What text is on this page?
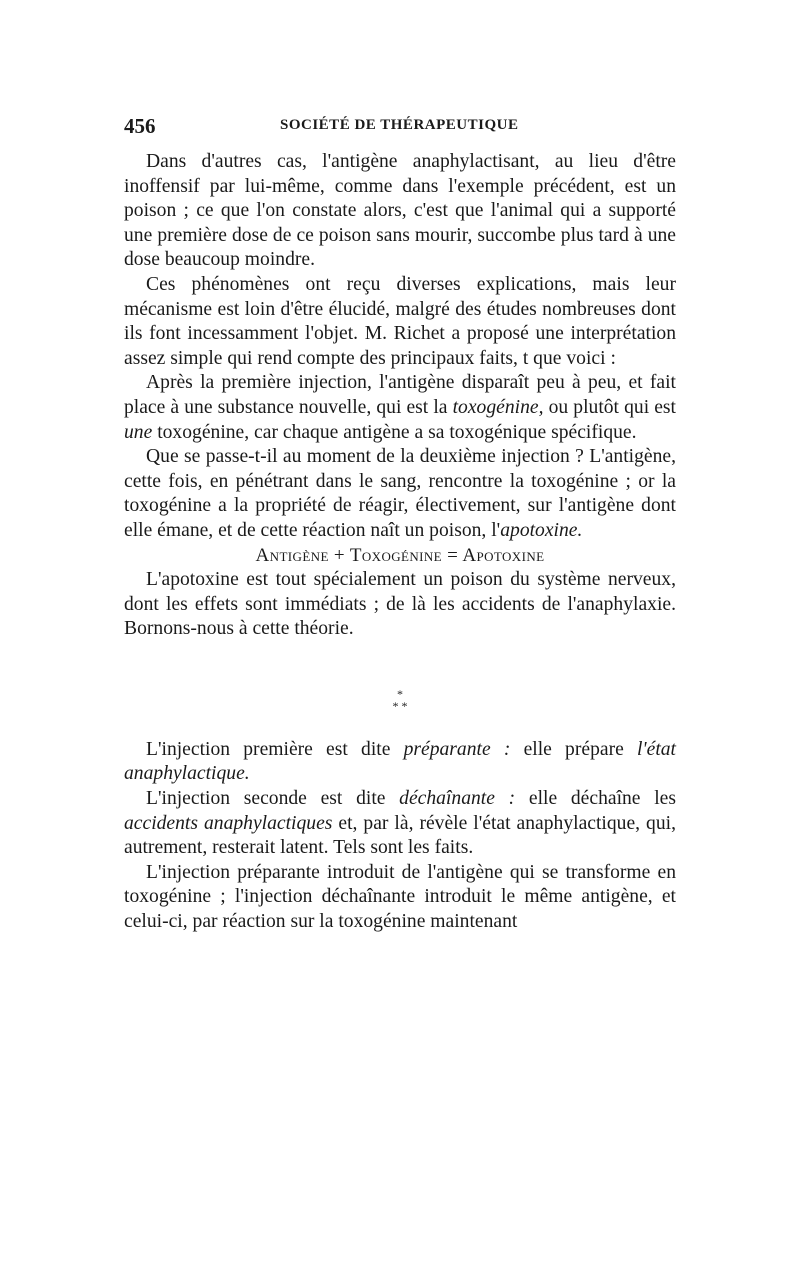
456	SOCIÉTÉ DE THÉRAPEUTIQUE

Dans d'autres cas, l'antigène anaphylactisant, au lieu d'être inoffensif par lui-même, comme dans l'exemple précédent, est un poison ; ce que l'on constate alors, c'est que l'animal qui a supporté une première dose de ce poison sans mourir, succombe plus tard à une dose beaucoup moindre.

Ces phénomènes ont reçu diverses explications, mais leur mécanisme est loin d'être élucidé, malgré des études nombreuses dont ils font incessamment l'objet. M. Richet a proposé une interprétation assez simple qui rend compte des principaux faits, t que voici :

Après la première injection, l'antigène disparaît peu à peu, et fait place à une substance nouvelle, qui est la toxogénine, ou plutôt qui est une toxogénine, car chaque antigène a sa toxogénique spécifique.

Que se passe-t-il au moment de la deuxième injection ? L'antigène, cette fois, en pénétrant dans le sang, rencontre la toxogénine ; or la toxogénine a la propriété de réagir, électivement, sur l'antigène dont elle émane, et de cette réaction naît un poison, l'apotoxine.

Antigène + Toxogénine = Apotoxine

L'apotoxine est tout spécialement un poison du système nerveux, dont les effets sont immédiats ; de là les accidents de l'anaphylaxie. Bornons-nous à cette théorie.

*
* *

L'injection première est dite préparante : elle prépare l'état anaphylactique.

L'injection seconde est dite déchaînante : elle déchaîne les accidents anaphylactiques et, par là, révèle l'état anaphylactique, qui, autrement, resterait latent. Tels sont les faits.

L'injection préparante introduit de l'antigène qui se transforme en toxogénine ; l'injection déchaînante introduit le même antigène, et celui-ci, par réaction sur la toxogénine maintenant
